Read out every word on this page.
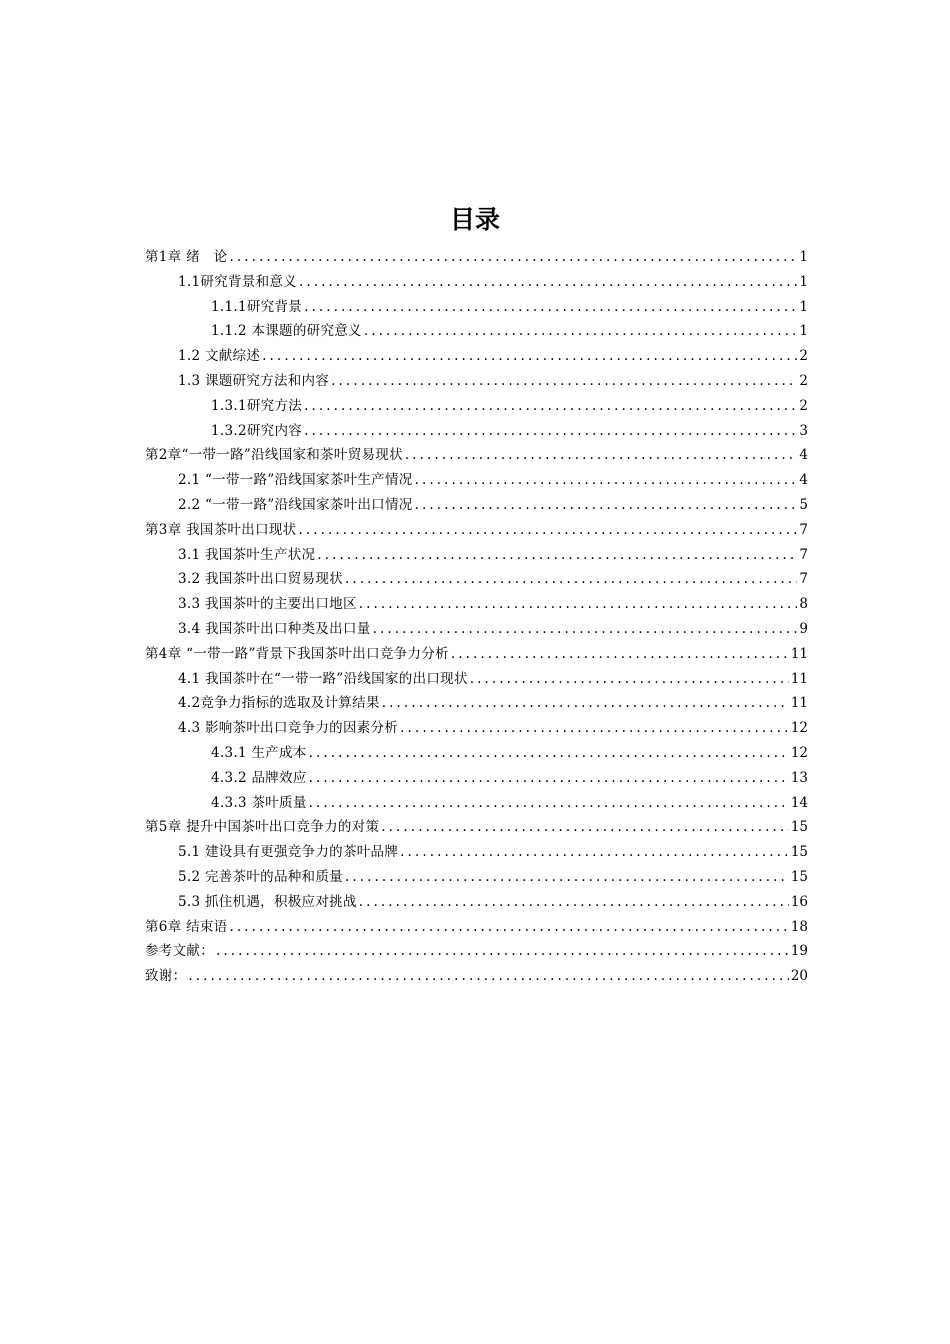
目录
第1章 绪　论 . . .	1
1.1研究背景和意义 . . .	1
1.1.1研究背景 . . .	1
1.1.2 本课题的研究意义 . . .	1
1.2 文献综述 . . .	2
1.3 课题研究方法和内容 . . .	2
1.3.1研究方法 . . .	2
1.3.2研究内容 . . .	3
第2章“一带一路”沿线国家和茶叶贸易现状 . . .	4
2.1 “一带一路”沿线国家茶叶生产情况 . . .	4
2.2 “一带一路”沿线国家茶叶出口情况 . . .	5
第3章 我国茶叶出口现状 . . .	7
3.1 我国茶叶生产状况 . . .	7
3.2 我国茶叶出口贸易现状 . . .	7
3.3 我国茶叶的主要出口地区 . . .	8
3.4 我国茶叶出口种类及出口量 . . .	9
第4章 “一带一路”背景下我国茶叶出口竞争力分析 . . .	11
4.1 我国茶叶在“一带一路”沿线国家的出口现状 . . .	11
4.2竞争力指标的选取及计算结果 . . .	11
4.3 影响茶叶出口竞争力的因素分析 . . .	12
4.3.1 生产成本 . . .	12
4.3.2 品牌效应 . . .	13
4.3.3 茶叶质量 . . .	14
第5章 提升中国茶叶出口竞争力的对策 . . .	15
5.1 建设具有更强竞争力的茶叶品牌 . . .	15
5.2 完善茶叶的品种和质量 . . .	15
5.3 抓住机遇，积极应对挑战 . . .	16
第6章 结束语 . . .	18
参考文献： . . .	19
致谢： . . .	20
